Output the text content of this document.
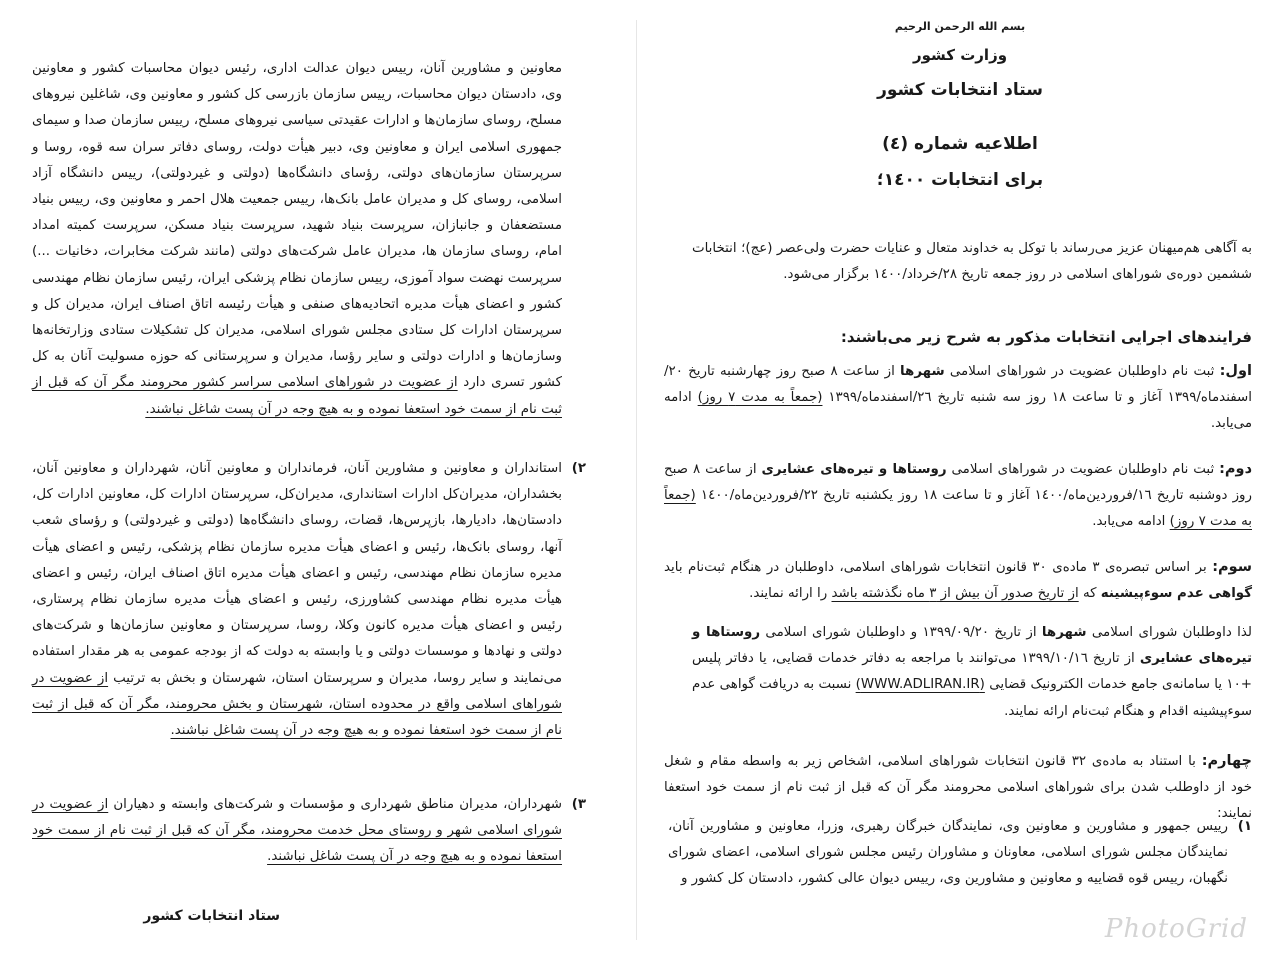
بسم الله الرحمن الرحيم
وزارت کشور
ستاد انتخابات کشور
اطلاعیه شماره (٤)
برای انتخابات ١٤٠٠؛
به آگاهی هم‌میهنان عزیز می‌رساند با توکل به خداوند متعال و عنایات حضرت ولی‌عصر (عج)؛ انتخابات ششمین دوره‌ی شوراهای اسلامی در روز جمعه تاریخ ٢٨/خرداد/١٤٠٠ برگزار می‌شود.
فرایندهای اجرایی انتخابات مذکور به شرح زیر می‌باشند:
اول: ثبت نام داوطلبان عضویت در شوراهای اسلامی شهرها از ساعت ٨ صبح روز چهارشنبه تاریخ ٢٠/اسفندماه/١٣٩٩ آغاز و تا ساعت ١٨ روز سه شنبه تاریخ ٢٦/اسفندماه/١٣٩٩ (جمعاً به مدت ٧ روز) ادامه می‌یابد.
دوم: ثبت نام داوطلبان عضویت در شوراهای اسلامی روستاها و تیره‌های عشایری از ساعت ٨ صبح روز دوشنبه تاریخ ١٦/فروردین‌ماه/١٤٠٠ آغاز و تا ساعت ١٨ روز یکشنبه تاریخ ٢٢/فروردین‌ماه/١٤٠٠ (جمعاً به مدت ٧ روز) ادامه می‌یابد.
سوم: بر اساس تبصره‌ی ٣ ماده‌ی ٣٠ قانون انتخابات شوراهای اسلامی، داوطلبان در هنگام ثبت‌نام باید گواهی عدم سوءپیشینه که از تاریخ صدور آن بیش از ٣ ماه نگذشته باشد را ارائه نمایند.
لذا داوطلبان شورای اسلامی شهرها از تاریخ ١٣٩٩/٠٩/٢٠ و داوطلبان شورای اسلامی روستاها و تیره‌های عشایری از تاریخ ١٣٩٩/١٠/١٦ می‌توانند با مراجعه به دفاتر خدمات قضایی، یا دفاتر پلیس +١٠ یا سامانه‌ی جامع خدمات الکترونیک قضایی (WWW.ADLIRAN.IR) نسبت به دریافت گواهی عدم سوءپیشینه اقدام و هنگام ثبت‌نام ارائه نمایند.
چهارم: با استناد به ماده‌ی ٣٢ قانون انتخابات شوراهای اسلامی، اشخاص زیر به واسطه مقام و شغل خود از داوطلب شدن برای شوراهای اسلامی محرومند مگر آن که قبل از ثبت نام از سمت خود استعفا نمایند:
١)
رییس جمهور و مشاورین و معاونین وی، نمایندگان خبرگان رهبری، وزرا، معاونین و مشاورین آنان، نمایندگان مجلس شورای اسلامی، معاونان و مشاوران رئیس مجلس شورای اسلامی، اعضای شورای نگهبان، رییس قوه قضاییه و معاونین و مشاورین وی، رییس دیوان عالی کشور، دادستان کل کشور و
PhotoGrid
معاونین و مشاورین آنان، رییس دیوان عدالت اداری، رئیس دیوان محاسبات کشور و معاونین وی، دادستان دیوان محاسبات، رییس سازمان بازرسی کل کشور و معاونین وی، شاغلین نیروهای مسلح، روسای سازمان‌ها و ادارات عقیدتی سیاسی نیروهای مسلح، رییس سازمان صدا و سیمای جمهوری اسلامی ایران و معاونین وی، دبیر هیأت دولت، روسای دفاتر سران سه قوه، روسا و سرپرستان سازمان‌های دولتی، رؤسای دانشگاه‌ها (دولتی و غیردولتی)، رییس دانشگاه آزاد اسلامی، روسای کل و مدیران عامل بانک‌ها، رییس جمعیت هلال احمر و معاونین وی، رییس بنیاد مستضعفان و جانبازان، سرپرست بنیاد شهید، سرپرست بنیاد مسکن، سرپرست کمیته امداد امام، روسای سازمان ها، مدیران عامل شرکت‌های دولتی (مانند شرکت مخابرات، دخانیات ...) سرپرست نهضت سواد آموزی، رییس سازمان نظام پزشکی ایران، رئیس سازمان نظام مهندسی کشور و اعضای هیأت مدیره اتحادیه‌های صنفی و هیأت رئیسه اتاق اصناف ایران، مدیران کل و سرپرستان ادارات کل ستادی مجلس شورای اسلامی، مدیران کل تشکیلات ستادی وزارتخانه‌ها وسازمان‌ها و ادارات دولتی و سایر رؤسا، مدیران و سرپرستانی که حوزه مسولیت آنان به کل کشور تسری دارد از عضویت در شوراهای اسلامی سراسر کشور محرومند مگر آن که قبل از ثبت نام از سمت خود استعفا نموده و به هیچ وجه در آن پست شاغل نباشند.
٢)
استانداران و معاونین و مشاورین آنان، فرمانداران و معاونین آنان، شهرداران و معاونین آنان، بخشداران، مدیران‌کل ادارات استانداری، مدیران‌کل، سرپرستان ادارات کل، معاونین ادارات کل، دادستان‌ها، دادیارها، بازپرس‌ها، قضات، روسای دانشگاه‌ها (دولتی و غیردولتی) و رؤسای شعب آنها، روسای بانک‌ها، رئیس و اعضای هیأت مدیره سازمان نظام پزشکی، رئیس و اعضای هیأت مدیره سازمان نظام مهندسی، رئیس و اعضای هیأت مدیره اتاق اصناف ایران، رئیس و اعضای هیأت مدیره نظام مهندسی کشاورزی، رئیس و اعضای هیأت مدیره سازمان نظام پرستاری، رئیس و اعضای هیأت مدیره کانون وکلا، روسا، سرپرستان و معاونین سازمان‌ها و شرکت‌های دولتی و نهادها و موسسات دولتی و یا وابسته به دولت که از بودجه عمومی به هر مقدار استفاده می‌نمایند و سایر روسا، مدیران و سرپرستان استان، شهرستان و بخش به ترتیب از عضویت در شوراهای اسلامی واقع در محدوده استان، شهرستان و بخش محرومند، مگر آن که قبل از ثبت نام از سمت خود استعفا نموده و به هیچ وجه در آن پست شاغل نباشند.
٣)
شهرداران، مدیران مناطق شهرداری و مؤسسات و شرکت‌های وابسته و دهیاران از عضویت در شورای اسلامی شهر و روستای محل خدمت محرومند، مگر آن که قبل از ثبت نام از سمت خود استعفا نموده و به هیچ وجه در آن پست شاغل نباشند.
ستاد انتخابات کشور
